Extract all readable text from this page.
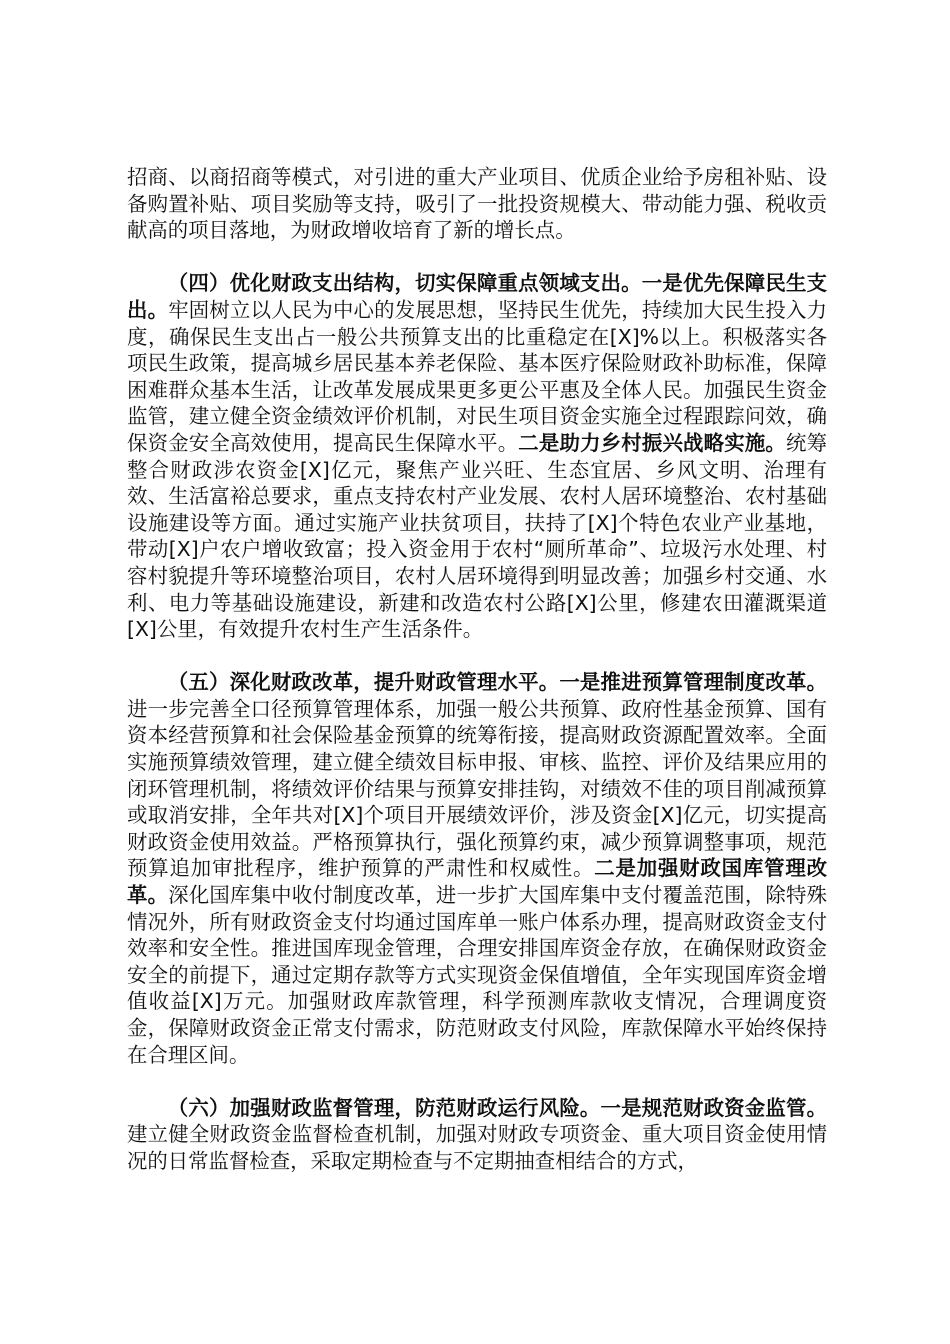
招商、以商招商等模式，对引进的重大产业项目、优质企业给予房租补贴、设备购置补贴、项目奖励等支持，吸引了一批投资规模大、带动能力强、税收贡献高的项目落地，为财政增收培育了新的增长点。

（四）优化财政支出结构，切实保障重点领域支出。一是优先保障民生支出。牢固树立以人民为中心的发展思想，坚持民生优先，持续加大民生投入力度，确保民生支出占一般公共预算支出的比重稳定在[X]%以上。积极落实各项民生政策，提高城乡居民基本养老保险、基本医疗保险财政补助标准，保障困难群众基本生活，让改革发展成果更多更公平惠及全体人民。加强民生资金监管，建立健全资金绩效评价机制，对民生项目资金实施全过程跟踪问效，确保资金安全高效使用，提高民生保障水平。二是助力乡村振兴战略实施。统筹整合财政涉农资金[X]亿元，聚焦产业兴旺、生态宜居、乡风文明、治理有效、生活富裕总要求，重点支持农村产业发展、农村人居环境整治、农村基础设施建设等方面。通过实施产业扶贫项目，扶持了[X]个特色农业产业基地，带动[X]户农户增收致富；投入资金用于农村“厕所革命”、垃圾污水处理、村容村貌提升等环境整治项目，农村人居环境得到明显改善；加强乡村交通、水利、电力等基础设施建设，新建和改造农村公路[X]公里，修建农田灌溉渠道[X]公里，有效提升农村生产生活条件。

（五）深化财政改革，提升财政管理水平。一是推进预算管理制度改革。进一步完善全口径预算管理体系，加强一般公共预算、政府性基金预算、国有资本经营预算和社会保险基金预算的统筹衔接，提高财政资源配置效率。全面实施预算绩效管理，建立健全绩效目标申报、审核、监控、评价及结果应用的闭环管理机制，将绩效评价结果与预算安排挂钩，对绩效不佳的项目削减预算或取消安排，全年共对[X]个项目开展绩效评价，涉及资金[X]亿元，切实提高财政资金使用效益。严格预算执行，强化预算约束，减少预算调整事项，规范预算追加审批程序，维护预算的严肃性和权威性。二是加强财政国库管理改革。深化国库集中收付制度改革，进一步扩大国库集中支付覆盖范围，除特殊情况外，所有财政资金支付均通过国库单一账户体系办理，提高财政资金支付效率和安全性。推进国库现金管理，合理安排国库资金存放，在确保财政资金安全的前提下，通过定期存款等方式实现资金保值增值，全年实现国库资金增值收益[X]万元。加强财政库款管理，科学预测库款收支情况，合理调度资金，保障财政资金正常支付需求，防范财政支付风险，库款保障水平始终保持在合理区间。

（六）加强财政监督管理，防范财政运行风险。一是规范财政资金监管。建立健全财政资金监督检查机制，加强对财政专项资金、重大项目资金使用情况的日常监督检查，采取定期检查与不定期抽查相结合的方式，
